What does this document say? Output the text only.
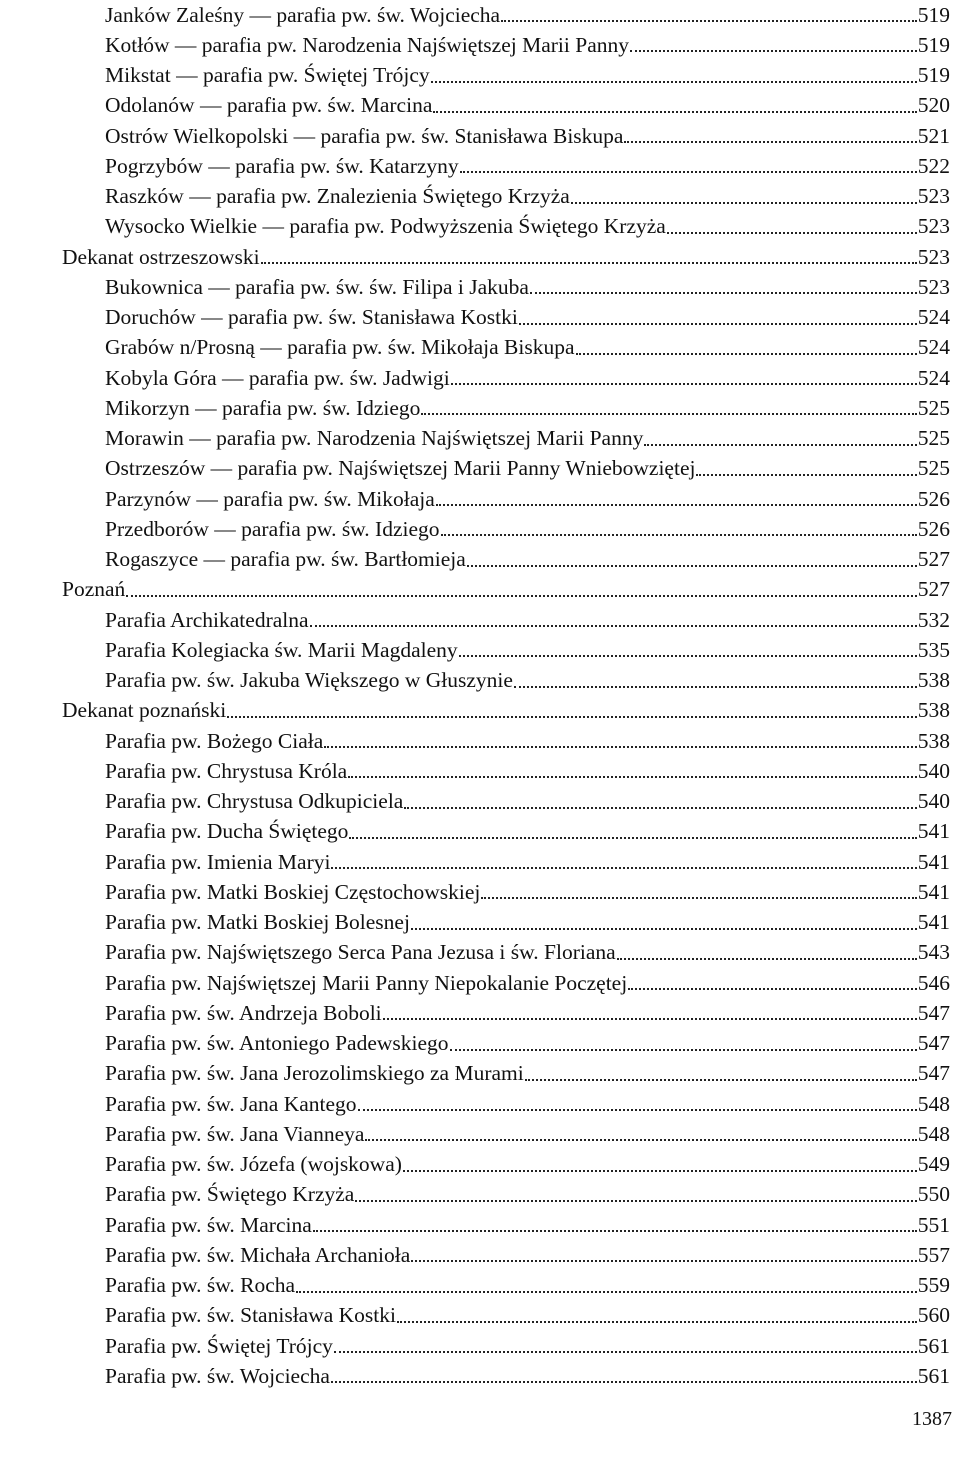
Janków Zaleśny — parafia pw. św. Wojciecha	519
Kotłów — parafia pw. Narodzenia Najświętszej Marii Panny	519
Mikstat — parafia pw. Świętej Trójcy	519
Odolanów — parafia pw. św. Marcina	520
Ostrów Wielkopolski — parafia pw. św. Stanisława Biskupa	521
Pogrzybów — parafia pw. św. Katarzyny	522
Raszków — parafia pw. Znalezienia Świętego Krzyża	523
Wysocko Wielkie — parafia pw. Podwyższenia Świętego Krzyża	523
Dekanat ostrzeszowski	523
Bukownica — parafia pw. św. św. Filipa i Jakuba	523
Doruchów — parafia pw. św. Stanisława Kostki	524
Grabów n/Prosną — parafia pw. św. Mikołaja Biskupa	524
Kobyla Góra — parafia pw. św. Jadwigi	524
Mikorzyn — parafia pw. św. Idziego	525
Morawin — parafia pw. Narodzenia Najświętszej Marii Panny	525
Ostrzeszów — parafia pw. Najświętszej Marii Panny Wniebowziętej	525
Parzynów — parafia pw. św. Mikołaja	526
Przedborów — parafia pw. św. Idziego	526
Rogaszyce — parafia pw. św. Bartłomieja	527
Poznań	527
Parafia Archikatedralna	532
Parafia Kolegiacka św. Marii Magdaleny	535
Parafia pw. św. Jakuba Większego w Głuszynie	538
Dekanat poznański	538
Parafia pw. Bożego Ciała	538
Parafia pw. Chrystusa Króla	540
Parafia pw. Chrystusa Odkupiciela	540
Parafia pw. Ducha Świętego	541
Parafia pw. Imienia Maryi	541
Parafia pw. Matki Boskiej Częstochowskiej	541
Parafia pw. Matki Boskiej Bolesnej	541
Parafia pw. Najświętszego Serca Pana Jezusa i św. Floriana	543
Parafia pw. Najświętszej Marii Panny Niepokalanie Poczętej	546
Parafia pw. św. Andrzeja Boboli	547
Parafia pw. św. Antoniego Padewskiego	547
Parafia pw. św. Jana Jerozolimskiego za Murami	547
Parafia pw. św. Jana Kantego	548
Parafia pw. św. Jana Vianneya	548
Parafia pw. św. Józefa (wojskowa)	549
Parafia pw. Świętego Krzyża	550
Parafia pw. św. Marcina	551
Parafia pw. św. Michała Archanioła	557
Parafia pw. św. Rocha	559
Parafia pw. św. Stanisława Kostki	560
Parafia pw. Świętej Trójcy	561
Parafia pw. św. Wojciecha	561
1387
